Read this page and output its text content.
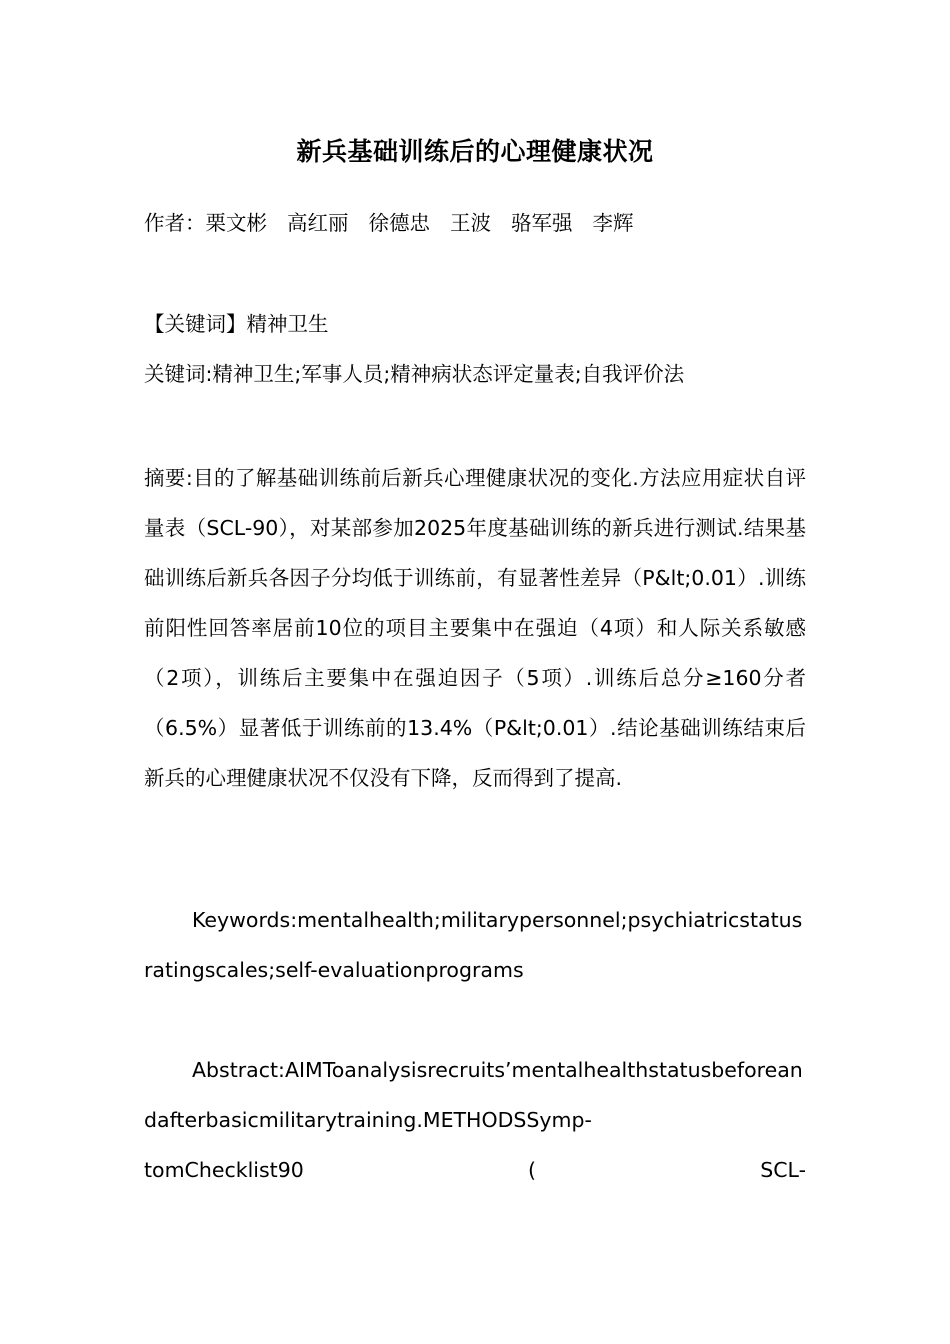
新兵基础训练后的心理健康状况
作者：栗文彬 高红丽 徐德忠 王波 骆军强 李辉
【关键词】精神卫生
关键词:精神卫生;军事人员;精神病状态评定量表;自我评价法
摘要:目的了解基础训练前后新兵心理健康状况的变化.方法应用症状自评量表（SCL-90），对某部参加2025年度基础训练的新兵进行测试.结果基础训练后新兵各因子分均低于训练前，有显著性差异（P&lt;0.01）.训练前阳性回答率居前10位的项目主要集中在强迫（4项）和人际关系敏感（2项），训练后主要集中在强迫因子（5项）.训练后总分≥160分者（6.5%）显著低于训练前的13.4%（P&lt;0.01）.结论基础训练结束后新兵的心理健康状况不仅没有下降，反而得到了提高.
Keywords:mentalhealth;militarypersonnel;psychiatricstatusratingscales;self-evaluationprograms
Abstract:AIMToanalysisrecruits’mentalhealthstatusbeforeandafterbasicmilitarytraining.METHODSSymp-
tomChecklist90	(	SCL-
